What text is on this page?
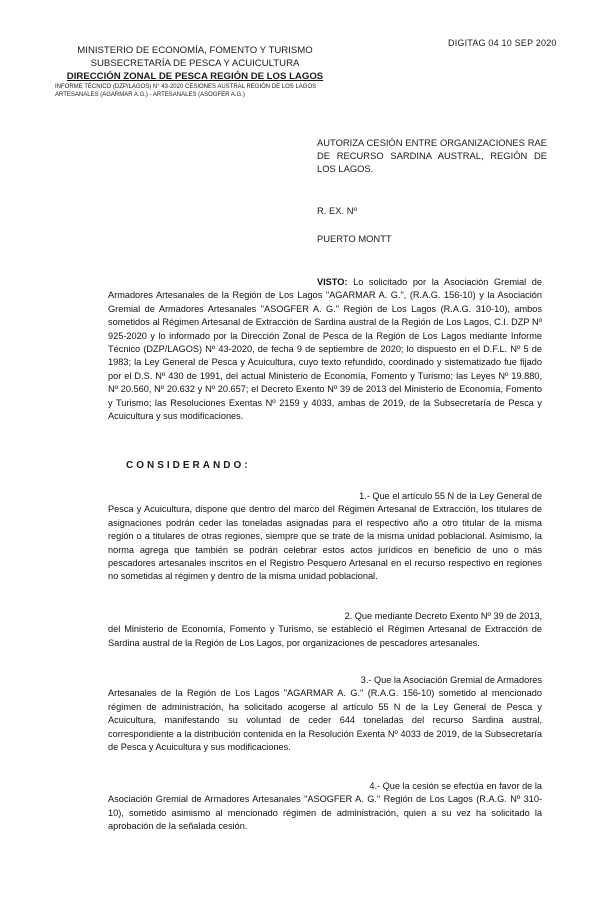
MINISTERIO DE ECONOMÍA, FOMENTO Y TURISMO
SUBSECRETARÍA DE PESCA Y ACUICULTURA
DIRECCIÓN ZONAL DE PESCA REGIÓN DE LOS LAGOS
INFORME TÉCNICO (DZP/LAGOS) N° 43-2020 CESIONES AUSTRAL REGIÓN DE LOS LAGOS
ARTESANALES (AGARMAR A.G.) - ARTESANALES (ASOGFER A.G.)
DIGITAG 04 10 SEP 2020
AUTORIZA CESIÓN ENTRE ORGANIZACIONES RAE DE RECURSO SARDINA AUSTRAL, REGIÓN DE LOS LAGOS.
R. EX. Nº
PUERTO MONTT
VISTO: Lo solicitado por la Asociación Gremial de Armadores Artesanales de la Región de Los Lagos "AGARMAR A. G.", (R.A.G. 156-10) y la Asociación Gremial de Armadores Artesanales "ASOGFER A. G." Región de Los Lagos (R.A.G. 310-10), ambos sometidos al Régimen Artesanal de Extracción de Sardina austral de la Región de Los Lagos, C.I. DZP Nº 925-2020 y lo informado por la Dirección Zonal de Pesca de la Región de Los Lagos mediante Informe Técnico (DZP/LAGOS) Nº 43-2020, de fecha 9 de septiembre de 2020; lo dispuesto en el D.F.L. Nº 5 de 1983; la Ley General de Pesca y Acuicultura, cuyo texto refundido, coordinado y sistematizado fue fijado por el D.S. Nº 430 de 1991, del actual Ministerio de Economía, Fomento y Turismo; las Leyes Nº 19.880, Nº 20.560, Nº 20.632 y Nº 20.657; el Decreto Exento Nº 39 de 2013 del Ministerio de Economía, Fomento y Turismo; las Resoluciones Exentas Nº 2159 y 4033, ambas de 2019, de la Subsecretaría de Pesca y Acuicultura y sus modificaciones.
CONSIDERANDO:
1.- Que el artículo 55 N de la Ley General de
Pesca y Acuicultura, dispone que dentro del marco del Régimen Artesanal de Extracción, los titulares de asignaciones podrán ceder las toneladas asignadas para el respectivo año a otro titular de la misma región o a titulares de otras regiones, siempre que se trate de la misma unidad poblacional. Asimismo, la norma agrega que también se podrán celebrar estos actos jurídicos en beneficio de uno o más pescadores artesanales inscritos en el Registro Pesquero Artesanal en el recurso respectivo en regiones no sometidas al régimen y dentro de la misma unidad poblacional.
2. Que mediante Decreto Exento Nº 39 de 2013,
del Ministerio de Economía, Fomento y Turismo, se estableció el Régimen Artesanal de Extracción de Sardina austral de la Región de Los Lagos, por organizaciones de pescadores artesanales.
3.- Que la Asociación Gremial de Armadores
Artesanales de la Región de Los Lagos "AGARMAR A. G." (R.A.G. 156-10) sometido al mencionado régimen de administración, ha solicitado acogerse al artículo 55 N de la Ley General de Pesca y Acuicultura, manifestando su voluntad de ceder 644 toneladas del recurso Sardina austral, correspondiente a la distribución contenida en la Resolución Exenta Nº 4033 de 2019, de la Subsecretaría de Pesca y Acuicultura y sus modificaciones.
4.- Que la cesión se efectúa en favor de la
Asociación Gremial de Armadores Artesanales "ASOGFER A. G." Región de Los Lagos (R.A.G. Nº 310-10), sometido asimismo al mencionado régimen de administración, quien a su vez ha solicitado la aprobación de la señalada cesión.
